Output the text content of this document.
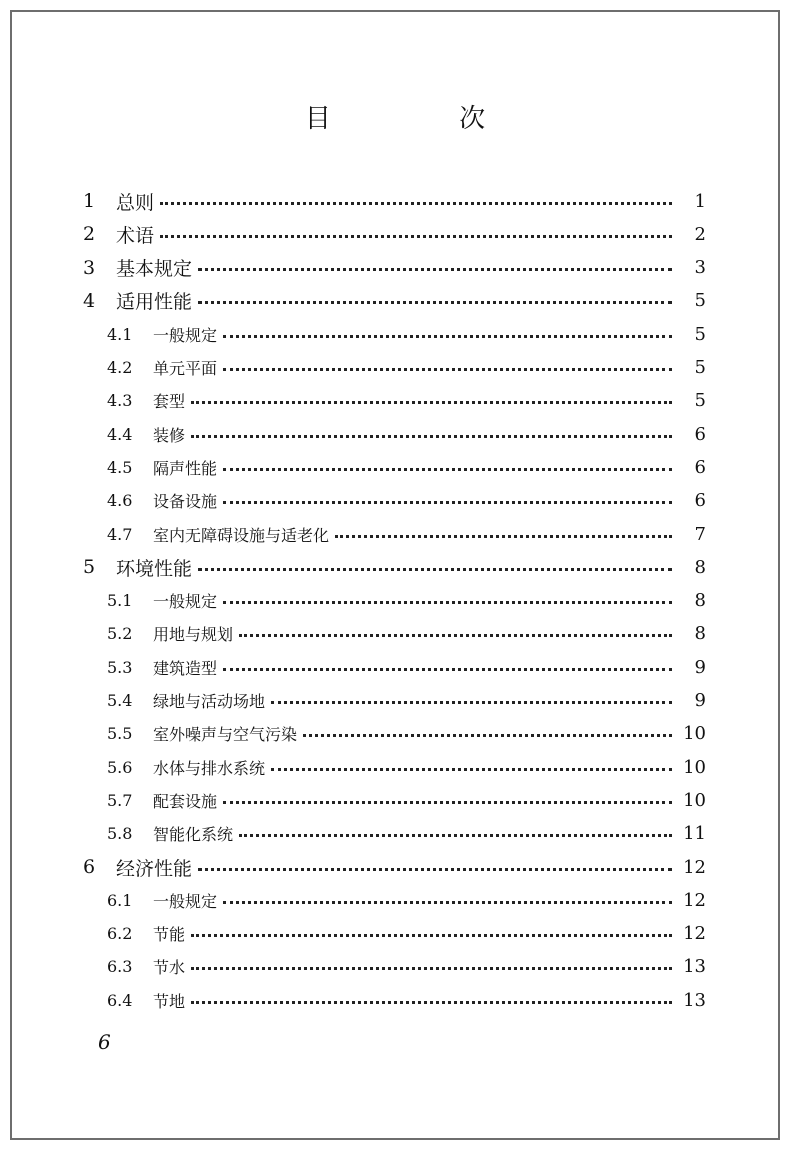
目 次
1	总则	1
2	术语	2
3	基本规定	3
4	适用性能	5
4.1	一般规定	5
4.2	单元平面	5
4.3	套型	5
4.4	装修	6
4.5	隔声性能	6
4.6	设备设施	6
4.7	室内无障碍设施与适老化	7
5	环境性能	8
5.1	一般规定	8
5.2	用地与规划	8
5.3	建筑造型	9
5.4	绿地与活动场地	9
5.5	室外噪声与空气污染	10
5.6	水体与排水系统	10
5.7	配套设施	10
5.8	智能化系统	11
6	经济性能	12
6.1	一般规定	12
6.2	节能	12
6.3	节水	13
6.4	节地	13
6
